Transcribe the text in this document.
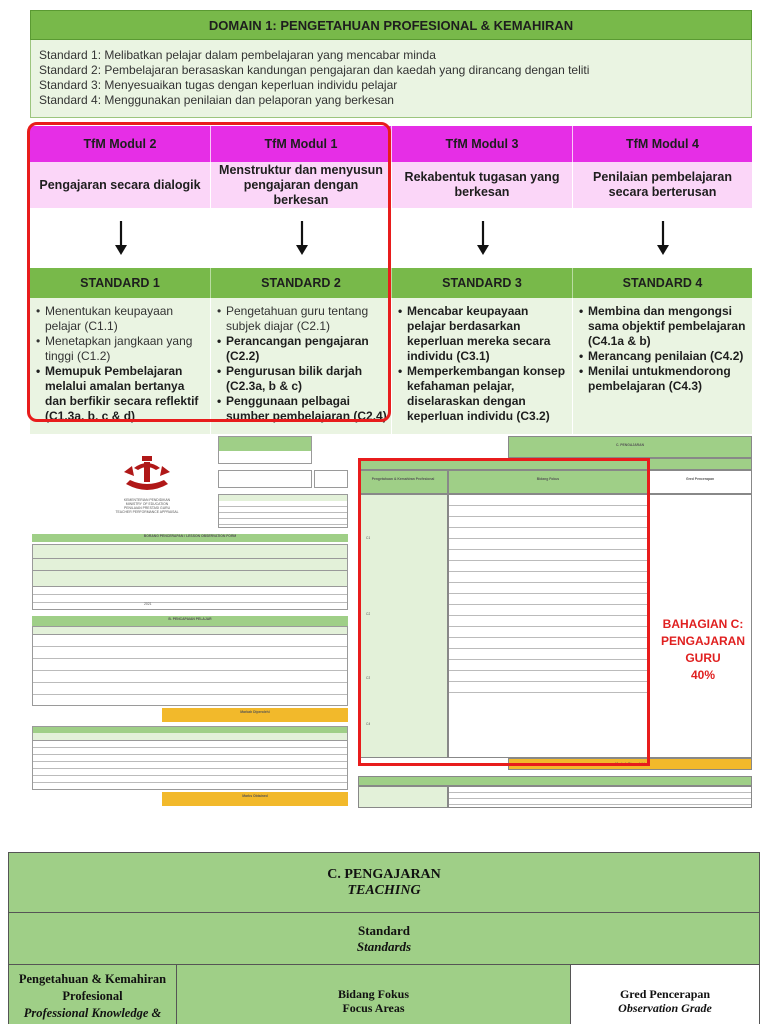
DOMAIN 1: PENGETAHUAN PROFESIONAL & KEMAHIRAN
Standard 1: Melibatkan pelajar dalam pembelajaran yang mencabar minda
Standard 2: Pembelajaran berasaskan kandungan pengajaran dan kaedah yang dirancang dengan teliti
Standard 3: Menyesuaikan tugas dengan keperluan individu pelajar
Standard 4: Menggunakan penilaian dan pelaporan yang berkesan
TfM Modul 2
Pengajaran secara dialogik
STANDARD 1
• Menentukan keupayaan pelajar (C1.1)
• Menetapkan jangkaan yang tinggi (C1.2)
• Memupuk Pembelajaran melalui amalan bertanya dan berfikir secara reflektif (C1.3a, b, c & d)
TfM Modul 1
Menstruktur dan menyusun pengajaran dengan berkesan
STANDARD 2
• Pengetahuan guru tentang subjek diajar (C2.1)
• Perancangan pengajaran (C2.2)
• Pengurusan bilik darjah (C2.3a, b & c)
• Penggunaan pelbagai sumber pembelajaran (C2.4)
TfM Modul 3
Rekabentuk tugasan yang berkesan
STANDARD 3
• Mencabar keupayaan pelajar berdasarkan keperluan mereka secara individu (C3.1)
• Memperkembangan konsep kefahaman pelajar, diselaraskan dengan keperluan individu (C3.2)
TfM Modul 4
Penilaian pembelajaran secara berterusan
STANDARD 4
• Membina dan mengongsi sama objektif pembelajaran (C4.1a & b)
• Merancang penilaian (C4.2)
• Menilai untukmendorong pembelajaran (C4.3)
KEMENTERIAN PENDIDIKAN
MINISTRY OF EDUCATION
PENILAIAN PRESTASI GURU
TEACHER PERFORMANCE APPRAISAL
BORANG PENCERAPAN / LESSON OBSERVATION FORM
2021
B. PENCAPAIAN PELAJAR
Markah Diperolehi
Marks Obtained
C. PENGAJARAN
Pengetahuan & Kemahiran Profesional	Bidang Fokus	Gred Pencerapan
C1
C2
C3
C4
Markah Diperolehi
BAHAGIAN C:
PENGAJARAN
GURU
40%
C. PENGAJARAN
TEACHING
Standard
Standards
Pengetahuan & Kemahiran
Profesional
Professional Knowledge &
Bidang Fokus
Focus Areas
Gred Pencerapan
Observation Grade
